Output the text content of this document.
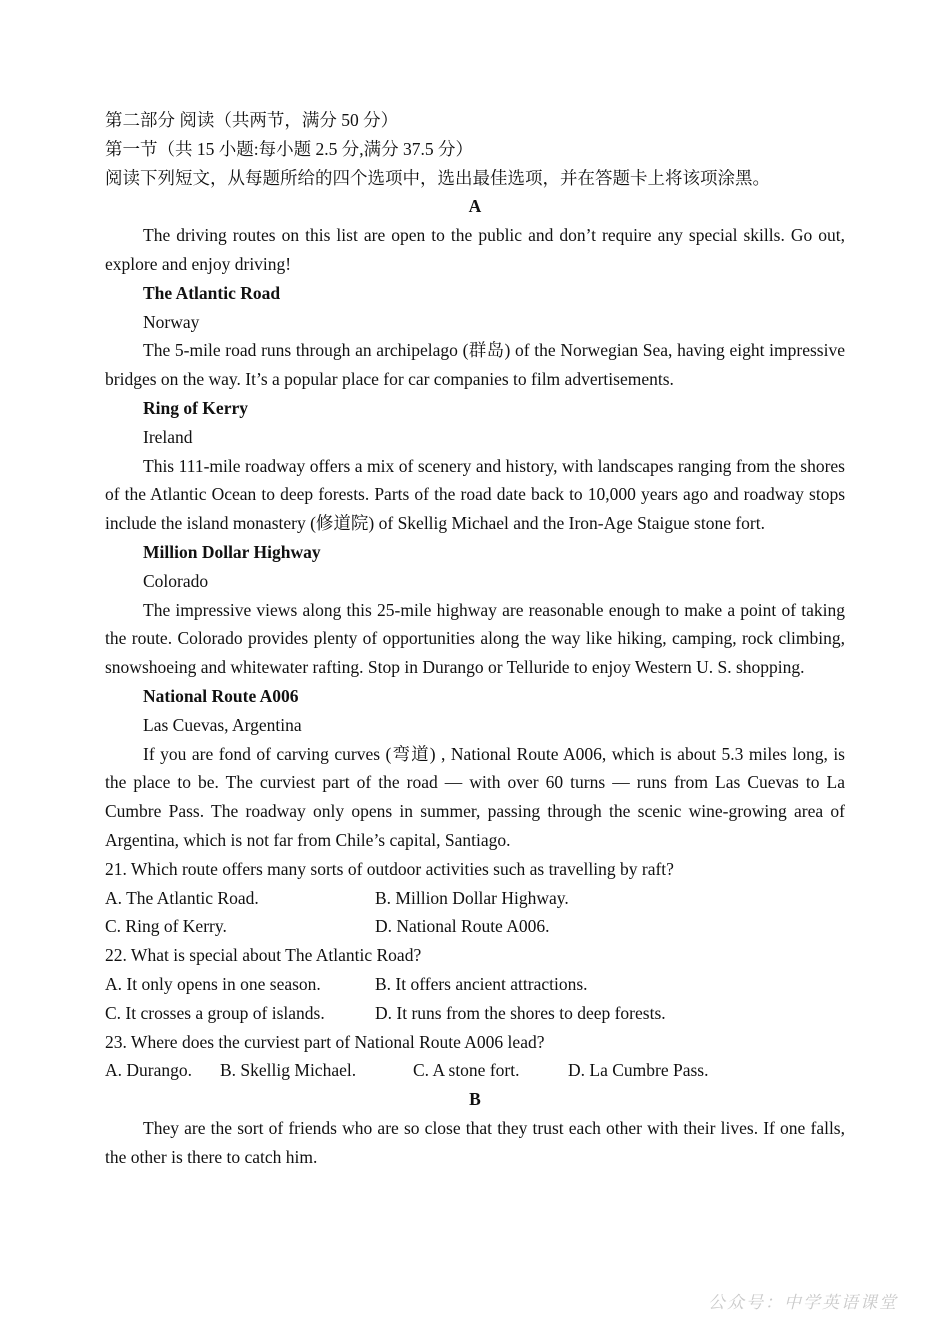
第二部分 阅读（共两节，满分 50 分）
第一节（共 15 小题:每小题 2.5 分,满分 37.5 分）
阅读下列短文，从每题所给的四个选项中，选出最佳选项，并在答题卡上将该项涂黑。
A
The driving routes on this list are open to the public and don’t require any special skills. Go out, explore and enjoy driving!
The Atlantic Road
Norway
The 5-mile road runs through an archipelago (群岛) of the Norwegian Sea, having eight impressive bridges on the way. It’s a popular place for car companies to film advertisements.
Ring of Kerry
Ireland
This 111-mile roadway offers a mix of scenery and history, with landscapes ranging from the shores of the Atlantic Ocean to deep forests. Parts of the road date back to 10,000 years ago and roadway stops include the island monastery (修道院) of Skellig Michael and the Iron-Age Staigue stone fort.
Million Dollar Highway
Colorado
The impressive views along this 25-mile highway are reasonable enough to make a point of taking the route. Colorado provides plenty of opportunities along the way like hiking, camping, rock climbing, snowshoeing and whitewater rafting. Stop in Durango or Telluride to enjoy Western U. S. shopping.
National Route A006
Las Cuevas, Argentina
If you are fond of carving curves (弯道) , National Route A006, which is about 5.3 miles long, is the place to be. The curviest part of the road — with over 60 turns — runs from Las Cuevas to La Cumbre Pass. The roadway only opens in summer, passing through the scenic wine-growing area of Argentina, which is not far from Chile’s capital, Santiago.
21. Which route offers many sorts of outdoor activities such as travelling by raft?
A. The Atlantic Road.	B. Million Dollar Highway.
C. Ring of Kerry.	D. National Route A006.
22. What is special about The Atlantic Road?
A. It only opens in one season.	B. It offers ancient attractions.
C. It crosses a group of islands.	D. It runs from the shores to deep forests.
23. Where does the curviest part of National Route A006 lead?
A. Durango.	B. Skellig Michael.	C. A stone fort.	D. La Cumbre Pass.
B
They are the sort of friends who are so close that they trust each other with their lives. If one falls, the other is there to catch him.
公众号：中学英语课堂
